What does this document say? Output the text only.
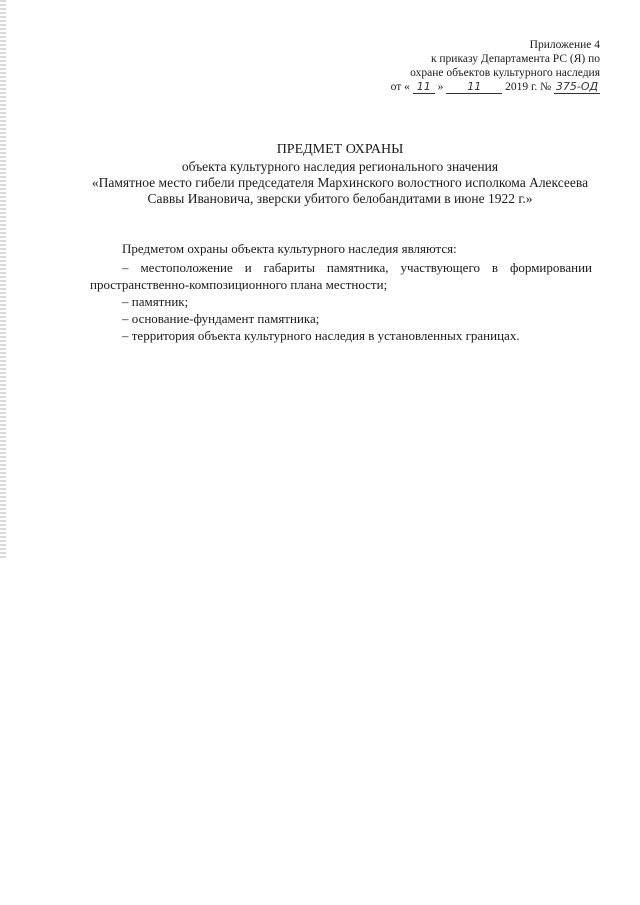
Приложение 4
к приказу Департамента РС (Я) по
охране объектов культурного наследия
от « 11 » 11 2019 г. № 375-ОД
ПРЕДМЕТ ОХРАНЫ
объекта культурного наследия регионального значения
«Памятное место гибели председателя Мархинского волостного исполкома Алексеева
Саввы Ивановича, зверски убитого белобандитами в июне 1922 г.»

Предметом охраны объекта культурного наследия являются:

– местоположение и габариты памятника, участвующего в формировании пространственно-композиционного плана местности;

– памятник;

– основание-фундамент памятника;

– территория объекта культурного наследия в установленных границах.
